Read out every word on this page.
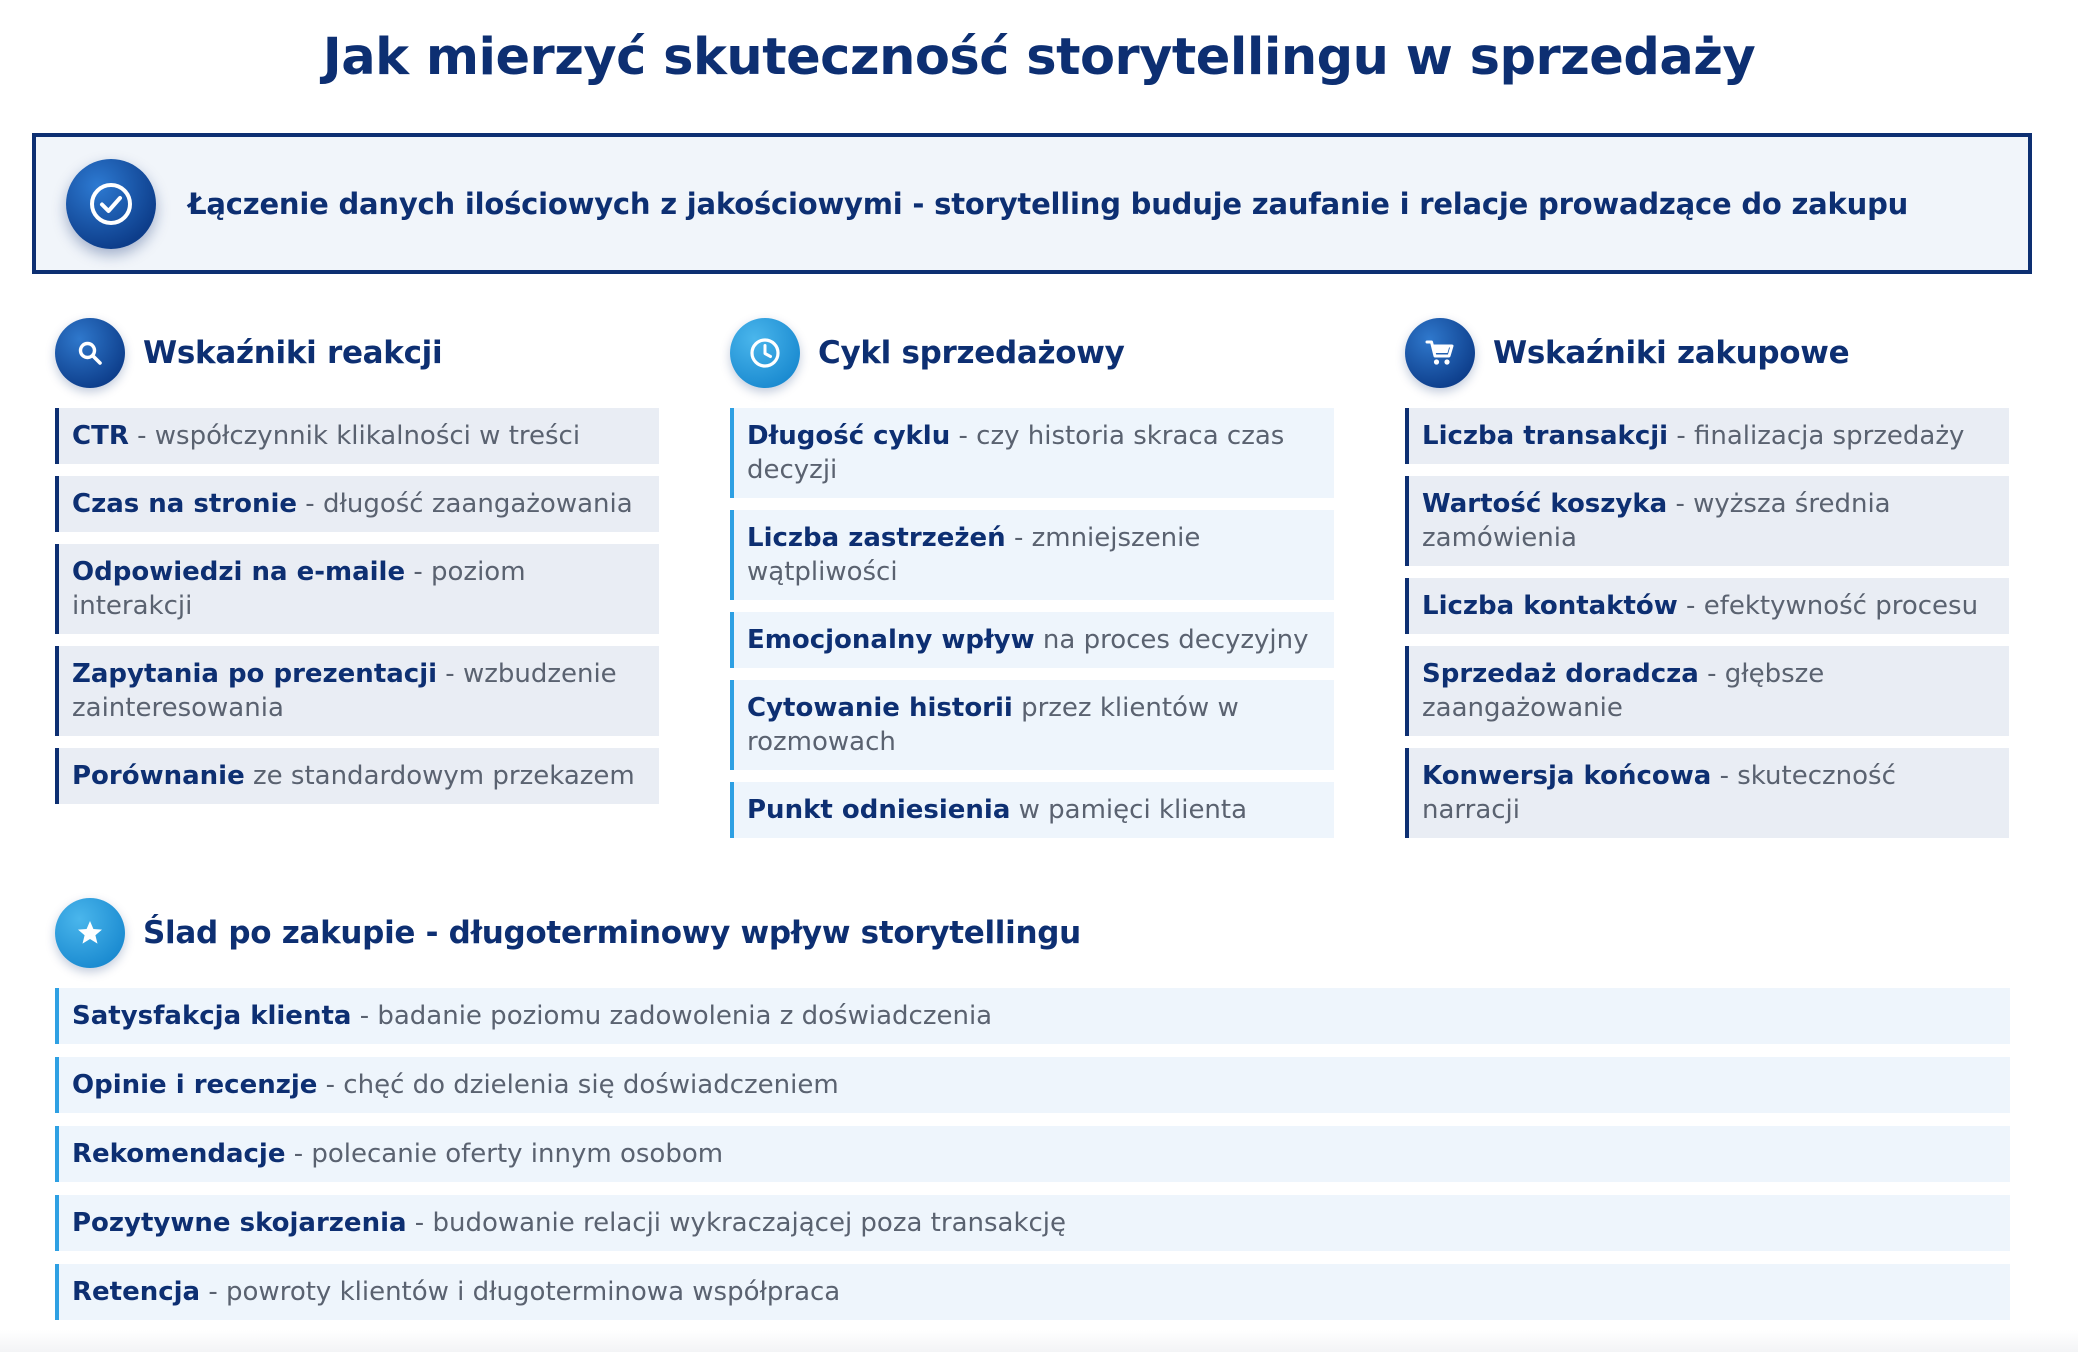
Jak mierzyć skuteczność storytellingu w sprzedaży
Łączenie danych ilościowych z jakościowymi - storytelling buduje zaufanie i relacje prowadzące do zakupu
Wskaźniki reakcji
CTR - współczynnik klikalności w treści
Czas na stronie - długość zaangażowania
Odpowiedzi na e-maile - poziom interakcji
Zapytania po prezentacji - wzbudzenie zainteresowania
Porównanie ze standardowym przekazem
Cykl sprzedażowy
Długość cyklu - czy historia skraca czas decyzji
Liczba zastrzeżeń - zmniejszenie wątpliwości
Emocjonalny wpływ na proces decyzyjny
Cytowanie historii przez klientów w rozmowach
Punkt odniesienia w pamięci klienta
Wskaźniki zakupowe
Liczba transakcji - finalizacja sprzedaży
Wartość koszyka - wyższa średnia zamówienia
Liczba kontaktów - efektywność procesu
Sprzedaż doradcza - głębsze zaangażowanie
Konwersja końcowa - skuteczność narracji
Ślad po zakupie - długoterminowy wpływ storytellingu
Satysfakcja klienta - badanie poziomu zadowolenia z doświadczenia
Opinie i recenzje - chęć do dzielenia się doświadczeniem
Rekomendacje - polecanie oferty innym osobom
Pozytywne skojarzenia - budowanie relacji wykraczającej poza transakcję
Retencja - powroty klientów i długoterminowa współpraca
